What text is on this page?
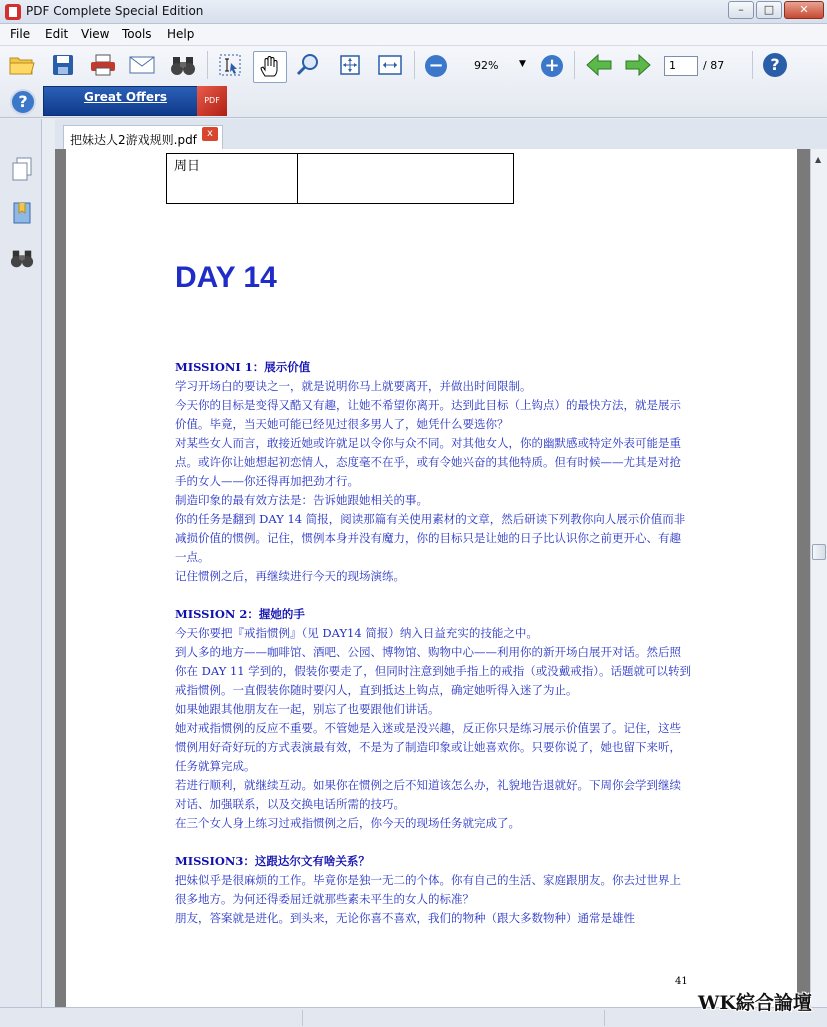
PDF Complete Special Edition	–	□	✕
File Edit View Tools Help
−	92% ▼ +	1	/ 87	?
?	Great Offers	PDF
把妹达人2游戏规则.pdf	x
周日
DAY 14
MISSIONI 1：展示价值

学习开场白的要诀之一，就是说明你马上就要离开，并做出时间限制。

今天你的目标是变得又酷又有趣，让她不希望你离开。达到此目标（上钩点）的最快方法，就是展示价值。毕竟，当天她可能已经见过很多男人了，她凭什么要选你？

对某些女人而言，敢接近她或许就足以令你与众不同。对其他女人，你的幽默感或特定外表可能是重点。或许你让她想起初恋情人，态度毫不在乎，或有令她兴奋的其他特质。但有时候——尤其是对抢手的女人——你还得再加把劲才行。

制造印象的最有效方法是：告诉她跟她相关的事。

你的任务是翻到 DAY 14 简报，阅读那篇有关使用素材的文章，然后研读下列教你向人展示价值而非减损价值的惯例。记住，惯例本身并没有魔力，你的目标只是让她的日子比认识你之前更开心、有趣一点。

记住惯例之后，再继续进行今天的现场演练。

MISSION 2：握她的手

今天你要把『戒指惯例』（见 DAY14 简报）纳入日益充实的技能之中。

到人多的地方——咖啡馆、酒吧、公园、博物馆、购物中心——利用你的新开场白展开对话。然后照你在 DAY 11 学到的，假装你要走了，但同时注意到她手指上的戒指（或没戴戒指）。话题就可以转到戒指惯例。一直假装你随时要闪人，直到抵达上钩点，确定她听得入迷了为止。

如果她跟其他朋友在一起，别忘了也要跟他们讲话。

她对戒指惯例的反应不重要。不管她是入迷或是没兴趣，反正你只是练习展示价值罢了。记住，这些惯例用好奇好玩的方式表演最有效，不是为了制造印象或让她喜欢你。只要你说了，她也留下来听，任务就算完成。

若进行顺利，就继续互动。如果你在惯例之后不知道该怎么办，礼貌地告退就好。下周你会学到继续对话、加强联系，以及交换电话所需的技巧。

在三个女人身上练习过戒指惯例之后，你今天的现场任务就完成了。

MISSION3：这跟达尔文有啥关系？

把妹似乎是很麻烦的工作。毕竟你是独一无二的个体。你有自己的生活、家庭跟朋友。你去过世界上很多地方。为何还得委屈迁就那些素未平生的女人的标准？

朋友，答案就是进化。到头来，无论你喜不喜欢，我们的物种（跟大多数物种）通常是雄性

41
▲
WK綜合論壇
